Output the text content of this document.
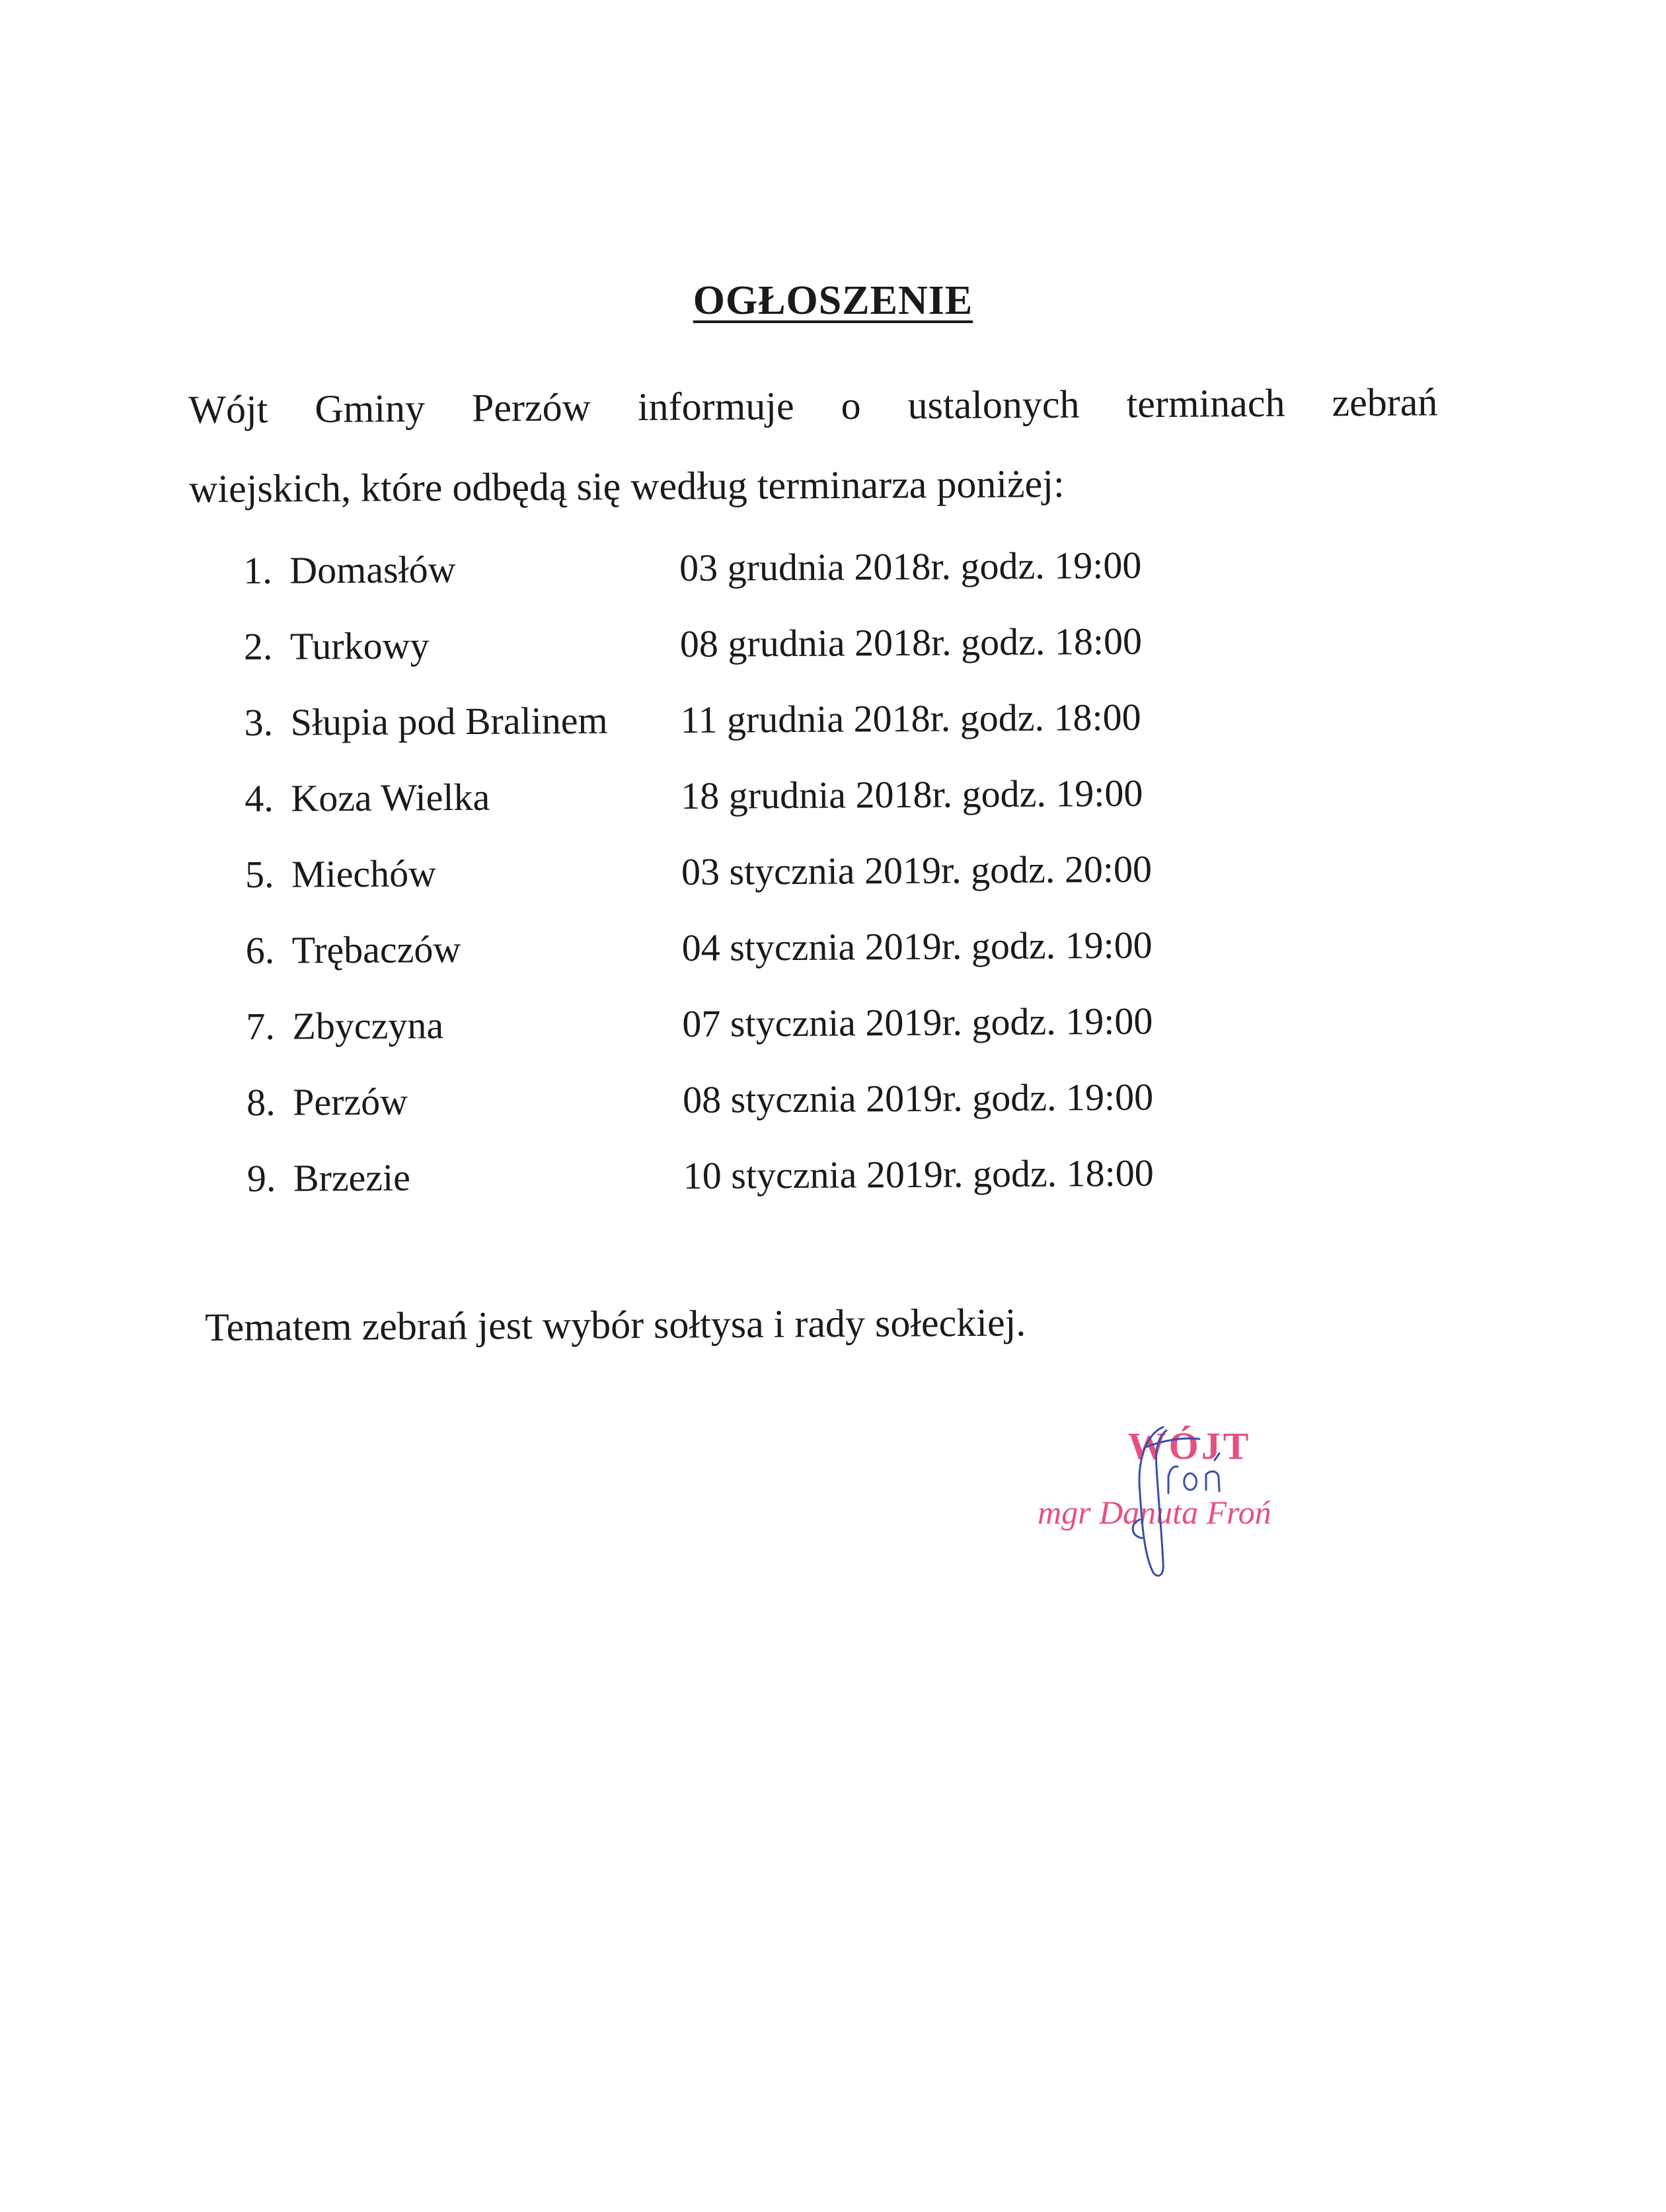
OGŁOSZENIE
Wójt Gminy Perzów informuje o ustalonych terminach zebrań
wiejskich, które odbędą się według terminarza poniżej:
1. Domasłów	03 grudnia 2018r. godz. 19:00
2. Turkowy	08 grudnia 2018r. godz. 18:00
3. Słupia pod Bralinem 11 grudnia 2018r. godz. 18:00
4. Koza Wielka	18 grudnia 2018r. godz. 19:00
5. Miechów	03 stycznia 2019r. godz. 20:00
6. Trębaczów	04 stycznia 2019r. godz. 19:00
7. Zbyczyna	07 stycznia 2019r. godz. 19:00
8. Perzów	08 stycznia 2019r. godz. 19:00
9. Brzezie	10 stycznia 2019r. godz. 18:00
Tematem zebrań jest wybór sołtysa i rady sołeckiej.
WÓJT
mgr Danuta Froń
